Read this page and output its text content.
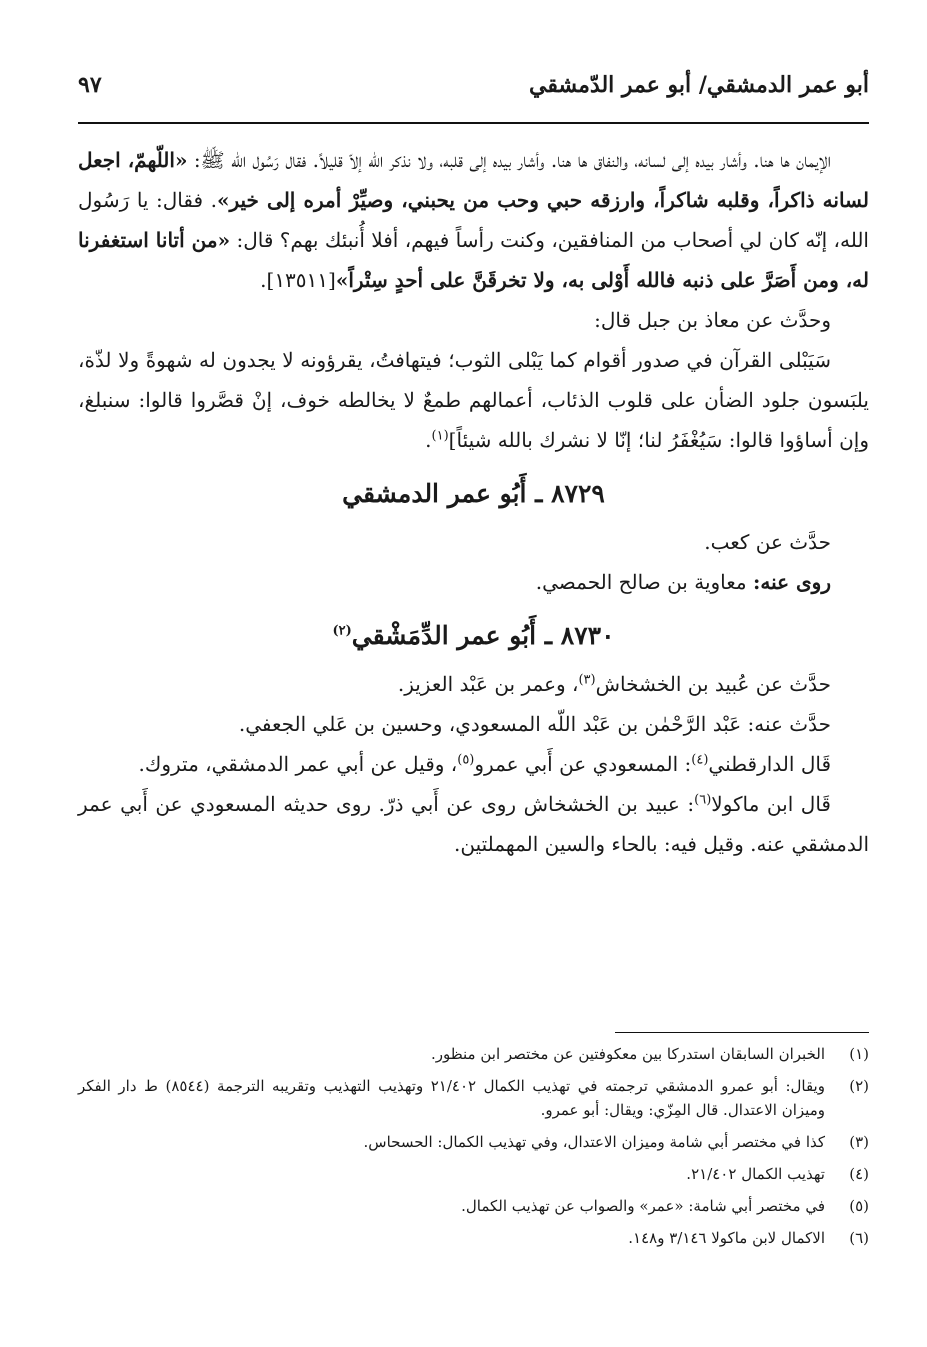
أبو عمر الدمشقي/ أبو عمر الدّمشقي
٩٧

الإيمان ها هنا. وأشار بيده إلى لسانه، والنفاق ها هنا. وأشار بيده إلى قلبه، ولا نذكر الله إلاّ قليلاً. فقال رَسُول الله ﷺ: «اللّهمّ، اجعل لسانه ذاكراً، وقلبه شاكراً، وارزقه حبي وحب من يحبني، وصيِّرْ أمره إلى خير». فقال: يا رَسُول الله، إنّه كان لي أصحاب من المنافقين، وكنت رأساً فيهم، أفلا أُنبئك بهم؟ قال: «من أتانا استغفرنا له، ومن أَصَرَّ على ذنبه فالله أَوْلى به، ولا تخرقَنَّ على أحدٍ سِتْراً»[١٣٥١١].

وحدَّث عن معاذ بن جبل قال:

سَيَبْلى القرآن في صدور أقوام كما يَبْلى الثوب؛ فيتهافتُ، يقرؤونه لا يجدون له شهوةً ولا لذّة، يلبَسون جلود الضأن على قلوب الذئاب، أعمالهم طمعٌ لا يخالطه خوف، إنْ قصَّروا قالوا: سنبلغ، وإن أساؤوا قالوا: سَيُغْفَرُ لنا؛ إنّا لا نشرك بالله شيئاً]$^{(١)}$.

٨٧٢٩ ـ أَبُو عمر الدمشقي

حدَّث عن كعب.

روى عنه: معاوية بن صالح الحمصي.

٨٧٣٠ ـ أَبُو عمر الدِّمَشْقي$^{(٢)}$

حدَّث عن عُبيد بن الخشخاش$^{(٣)}$، وعمر بن عَبْد العزيز.

حدَّث عنه: عَبْد الرَّحْمٰن بن عَبْد اللّه المسعودي، وحسين بن عَلي الجعفي.

قَال الدارقطني$^{(٤)}$: المسعودي عن أَبي عمرو$^{(٥)}$، وقيل عن أبي عمر الدمشقي، متروك.

قَال ابن ماكولا$^{(٦)}$: عبيد بن الخشخاش روى عن أَبي ذرّ. روى حديثه المسعودي عن أَبي عمر الدمشقي عنه. وقيل فيه: بالحاء والسين المهملتين.

(١)
الخبران السابقان استدركا بين معكوفتين عن مختصر ابن منظور.
(٢)
ويقال: أبو عمرو الدمشقي ترجمته في تهذيب الكمال ٢١/٤٠٢ وتهذيب التهذيب وتقريبه الترجمة (٨٥٤٤) ط دار الفكر وميزان الاعتدال. قال المِزّي: ويقال: أبو عمرو.
(٣)
كذا في مختصر أبي شامة وميزان الاعتدال، وفي تهذيب الكمال: الحسحاس.
(٤)
تهذيب الكمال ٢١/٤٠٢.
(٥)
في مختصر أبي شامة: «عمر» والصواب عن تهذيب الكمال.
(٦)
الاكمال لابن ماكولا ٣/١٤٦ و١٤٨.
